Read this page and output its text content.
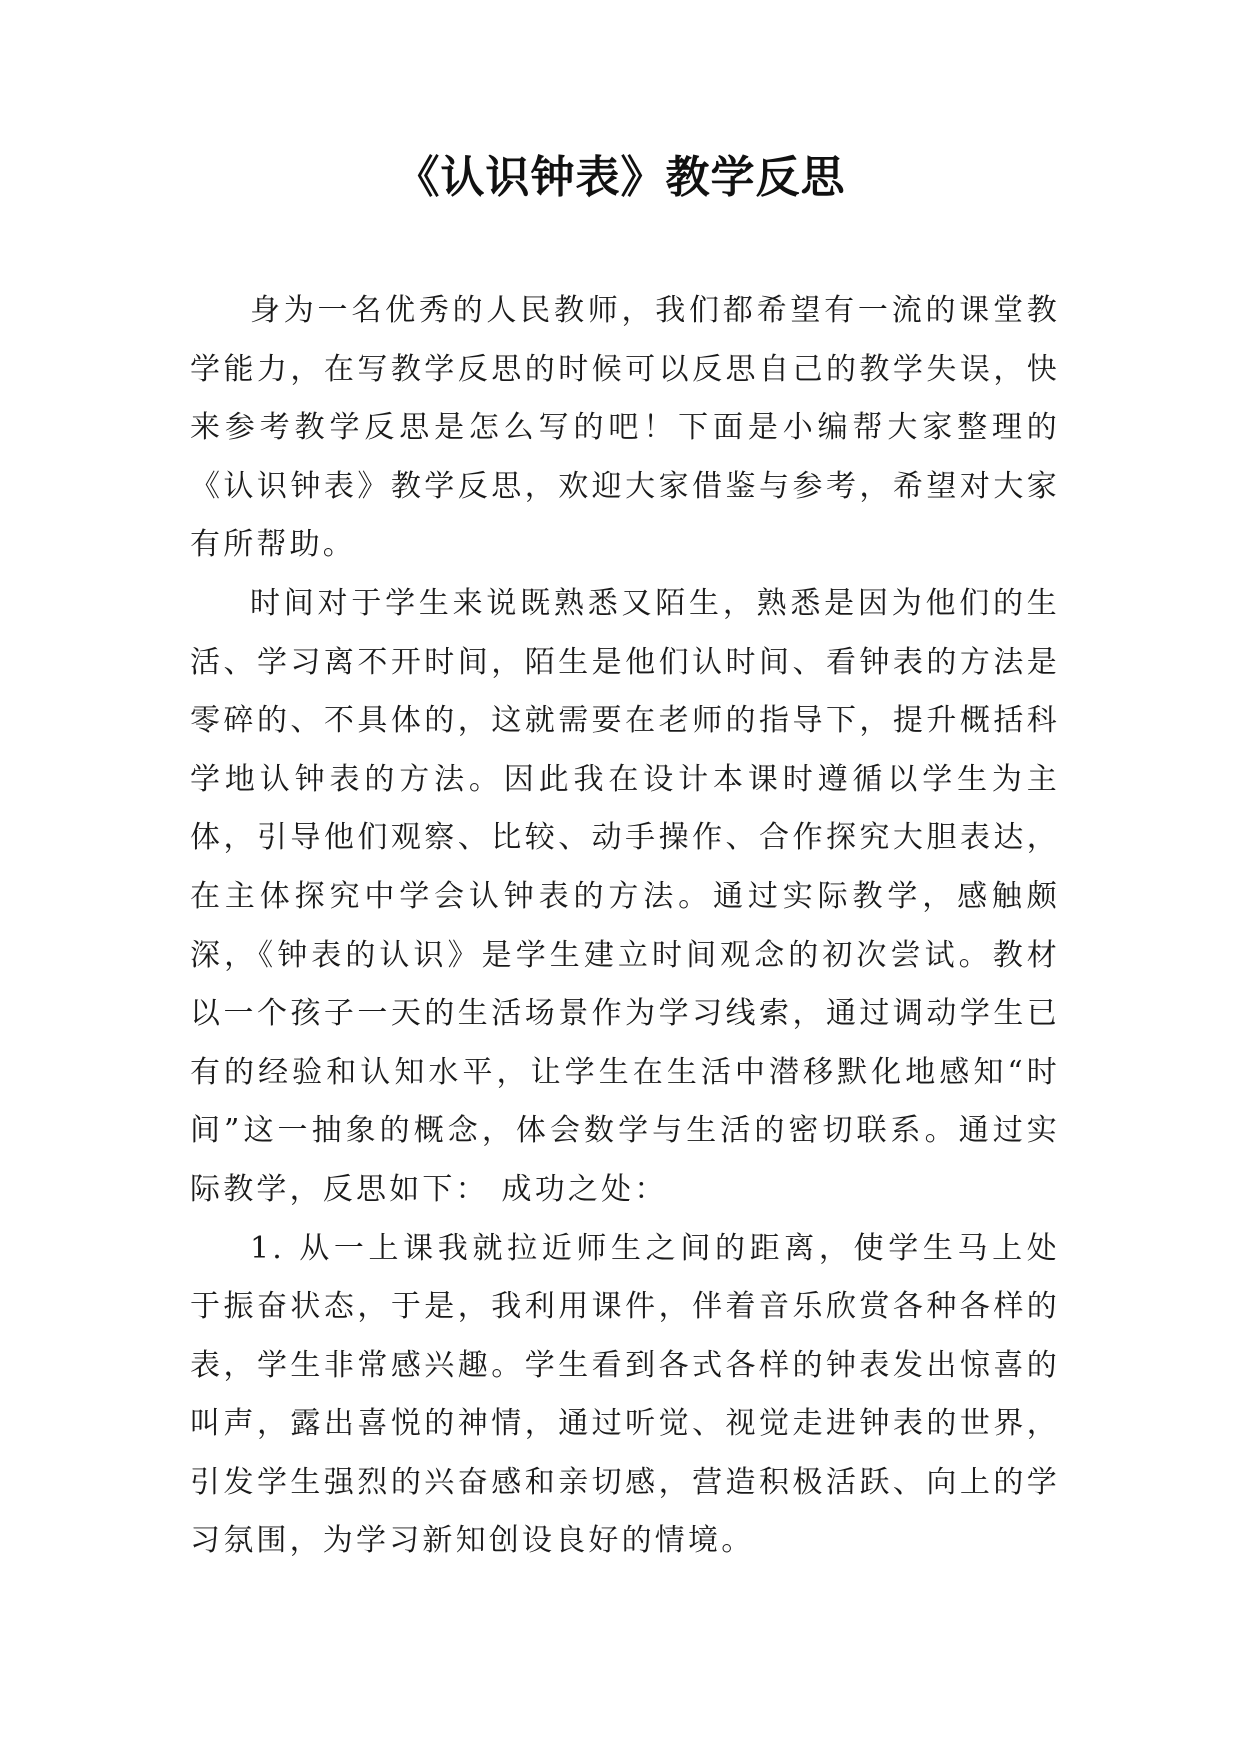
《认识钟表》教学反思

身为一名优秀的人民教师，我们都希望有一流的课堂教学能力，在写教学反思的时候可以反思自己的教学失误，快来参考教学反思是怎么写的吧！下面是小编帮大家整理的《认识钟表》教学反思，欢迎大家借鉴与参考，希望对大家有所帮助。

时间对于学生来说既熟悉又陌生，熟悉是因为他们的生活、学习离不开时间，陌生是他们认时间、看钟表的方法是零碎的、不具体的，这就需要在老师的指导下，提升概括科学地认钟表的方法。因此我在设计本课时遵循以学生为主体，引导他们观察、比较、动手操作、合作探究大胆表达，在主体探究中学会认钟表的方法。通过实际教学，感触颇深，《钟表的认识》是学生建立时间观念的初次尝试。教材以一个孩子一天的生活场景作为学习线索，通过调动学生已有的经验和认知水平，让学生在生活中潜移默化地感知“时间”这一抽象的概念，体会数学与生活的密切联系。通过实际教学，反思如下： 成功之处：

1. 从一上课我就拉近师生之间的距离，使学生马上处于振奋状态，于是，我利用课件，伴着音乐欣赏各种各样的表，学生非常感兴趣。学生看到各式各样的钟表发出惊喜的叫声，露出喜悦的神情，通过听觉、视觉走进钟表的世界，引发学生强烈的兴奋感和亲切感，营造积极活跃、向上的学习氛围，为学习新知创设良好的情境。
